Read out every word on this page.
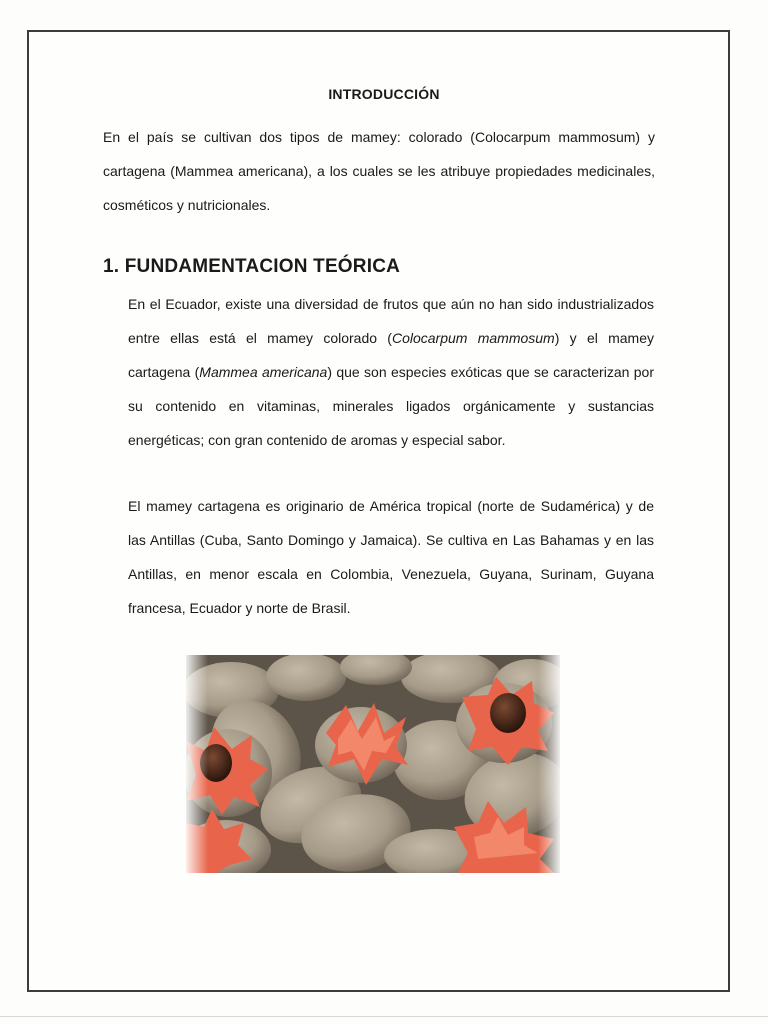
INTRODUCCIÓN

En el país se cultivan dos tipos de mamey: colorado (Colocarpum mammosum) y cartagena (Mammea americana), a los cuales se les atribuye propiedades medicinales, cosméticos y nutricionales.

1. FUNDAMENTACION TEÓRICA

En el Ecuador, existe una diversidad de frutos que aún no han sido industrializados entre ellas está el mamey colorado (Colocarpum mammosum) y el mamey cartagena (Mammea americana) que son especies exóticas que se caracterizan por su contenido en vitaminas, minerales ligados orgánicamente y sustancias energéticas; con gran contenido de aromas y especial sabor.

El mamey cartagena es originario de América tropical (norte de Sudamérica) y de las Antillas (Cuba, Santo Domingo y Jamaica). Se cultiva en Las Bahamas y en las Antillas, en menor escala en Colombia, Venezuela, Guyana, Surinam, Guyana francesa, Ecuador y norte de Brasil.
